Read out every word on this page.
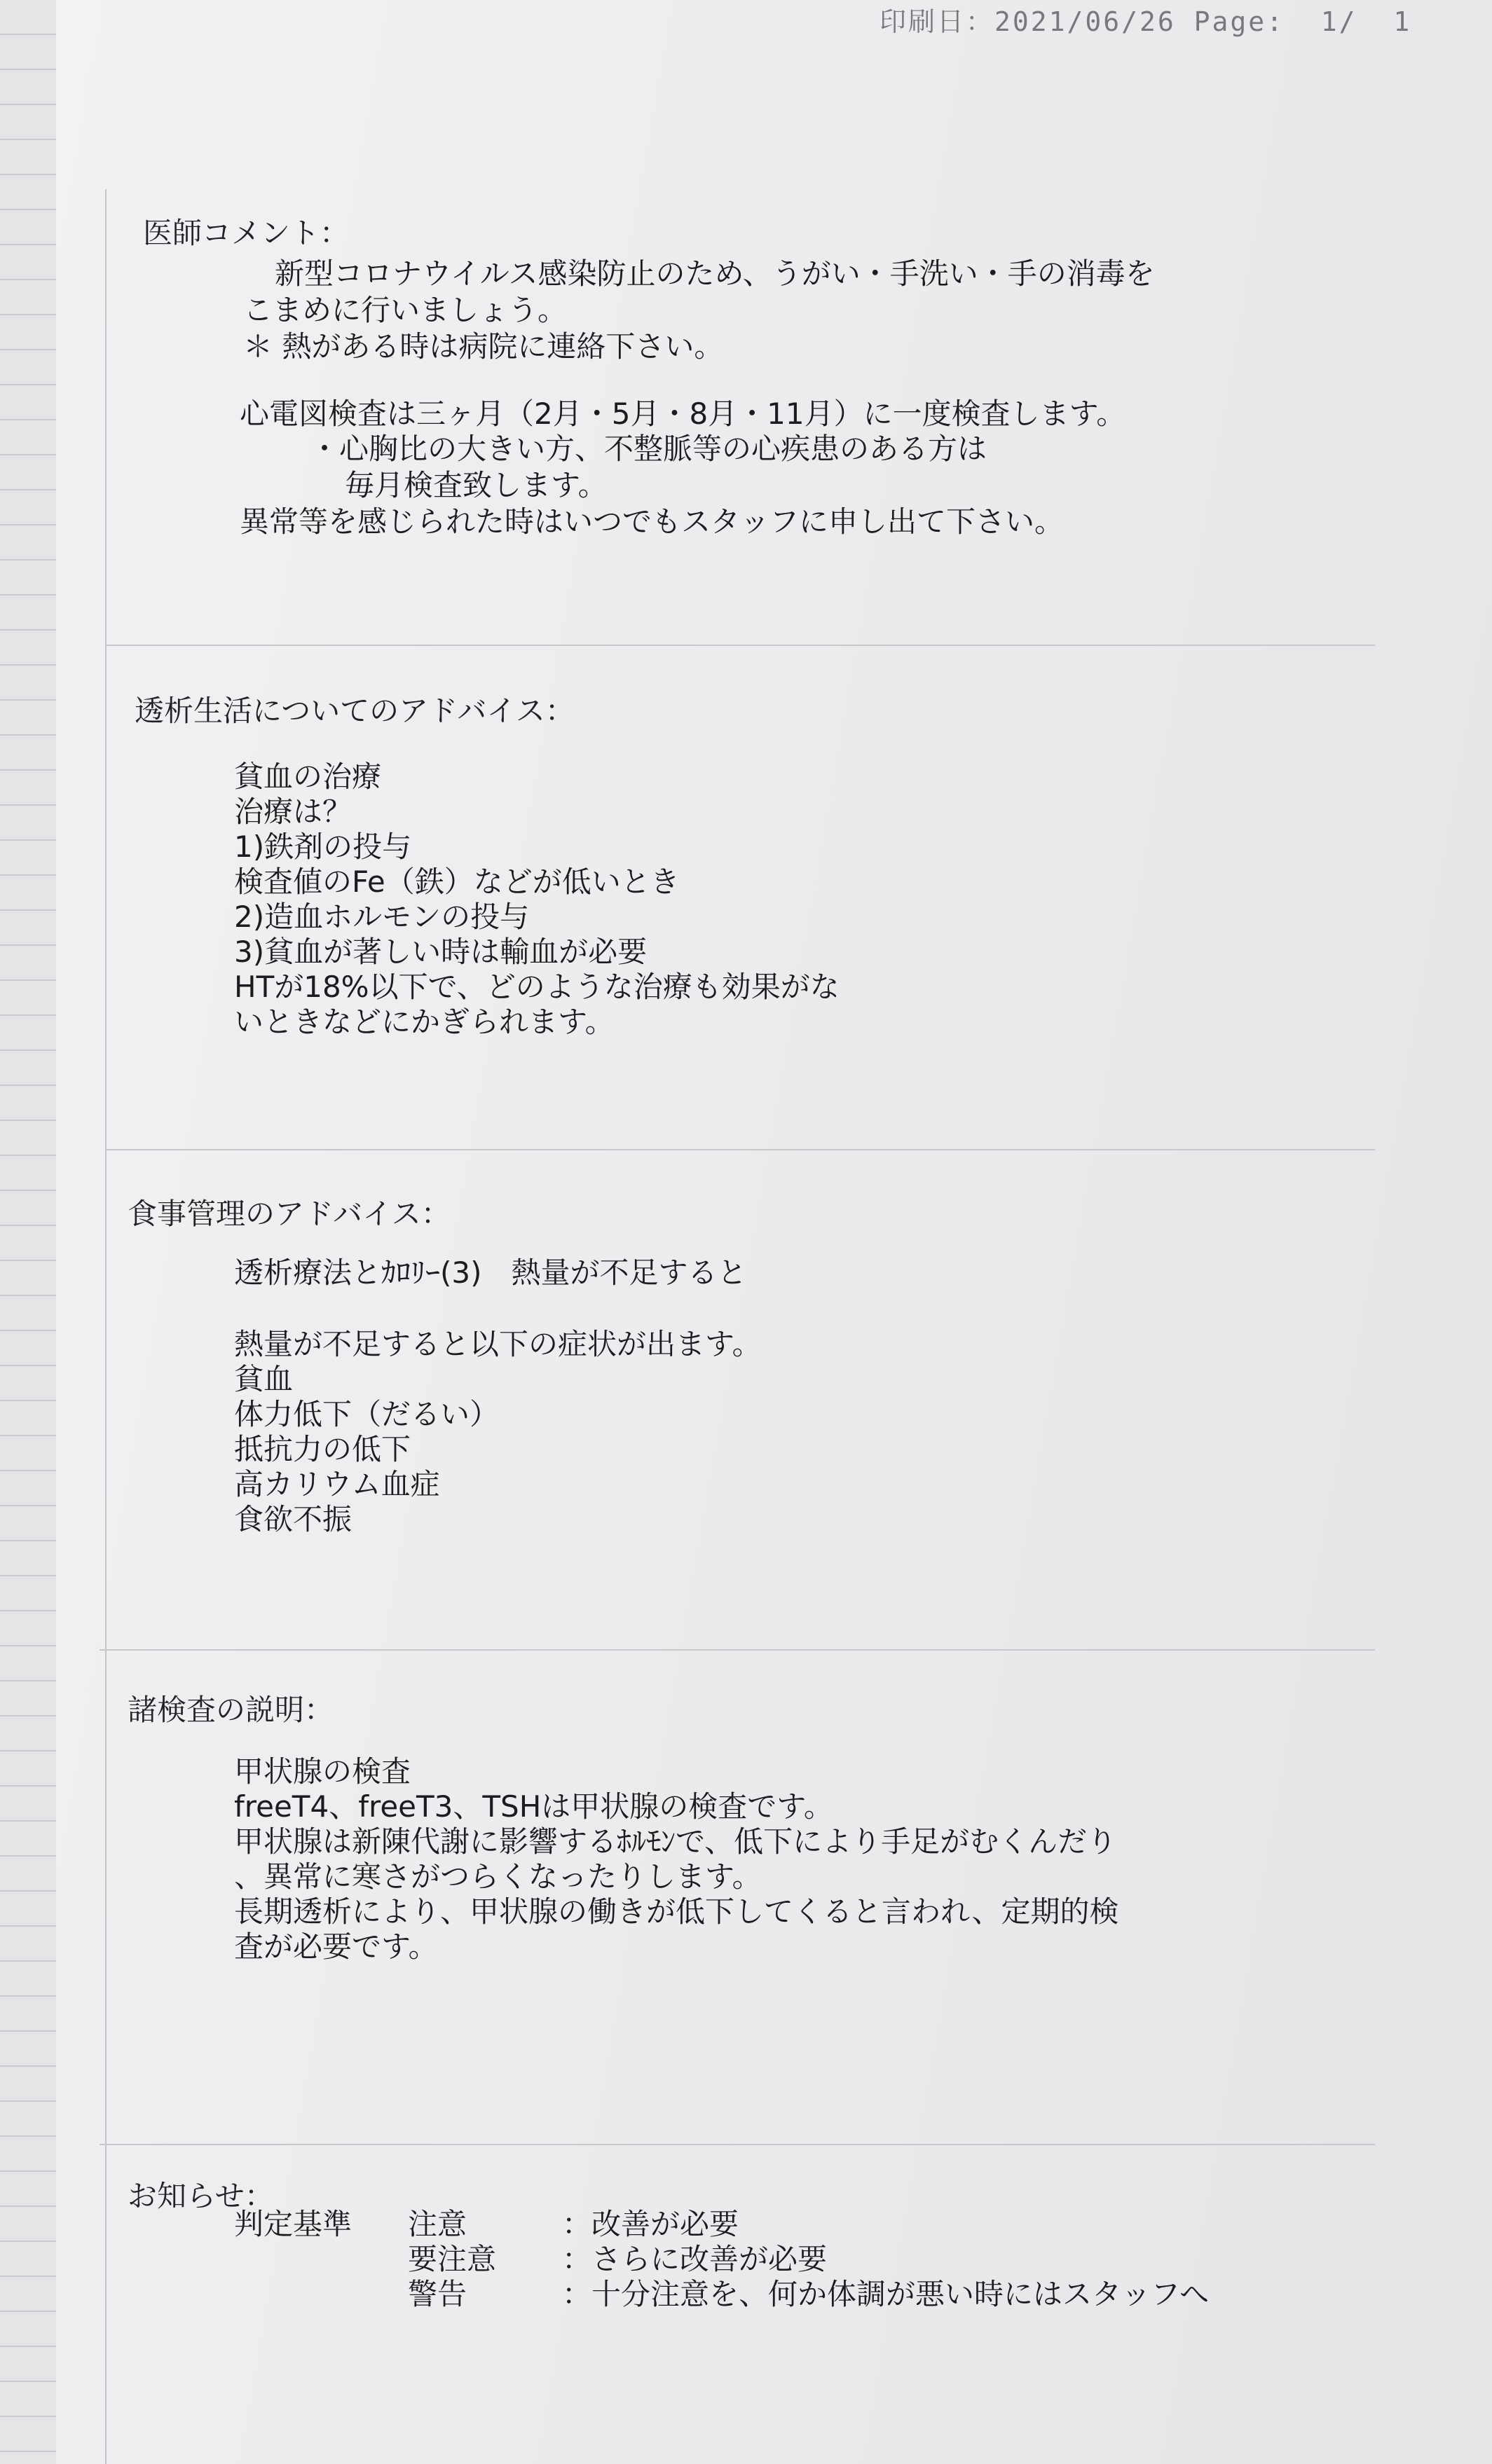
印刷日：2021/06/26 Page:  1/  1
医師コメント：
新型コロナウイルス感染防止のため、うがい・手洗い・手の消毒を
こまめに行いましょう。
＊ 熱がある時は病院に連絡下さい。
心電図検査は三ヶ月（2月・5月・8月・11月）に一度検査します。
・心胸比の大きい方、不整脈等の心疾患のある方は
毎月検査致します。
異常等を感じられた時はいつでもスタッフに申し出て下さい。
透析生活についてのアドバイス：
貧血の治療
治療は？
1)鉄剤の投与
検査値のFe（鉄）などが低いとき
2)造血ホルモンの投与
3)貧血が著しい時は輸血が必要
HTが18%以下で、どのような治療も効果がな
いときなどにかぎられます。
食事管理のアドバイス：
透析療法とｶﾛﾘｰ(3)　熱量が不足すると
熱量が不足すると以下の症状が出ます。
貧血
体力低下（だるい）
抵抗力の低下
高カリウム血症
食欲不振
諸検査の説明：
甲状腺の検査
freeT4、freeT3、TSHは甲状腺の検査です。
甲状腺は新陳代謝に影響するﾎﾙﾓﾝで、低下により手足がむくんだり
、異常に寒さがつらくなったりします。
長期透析により、甲状腺の働きが低下してくると言われ、定期的検
査が必要です。
お知らせ：
判定基準 注意	：改善が必要
要注意 ：さらに改善が必要
警告	：十分注意を、何か体調が悪い時にはスタッフへ
